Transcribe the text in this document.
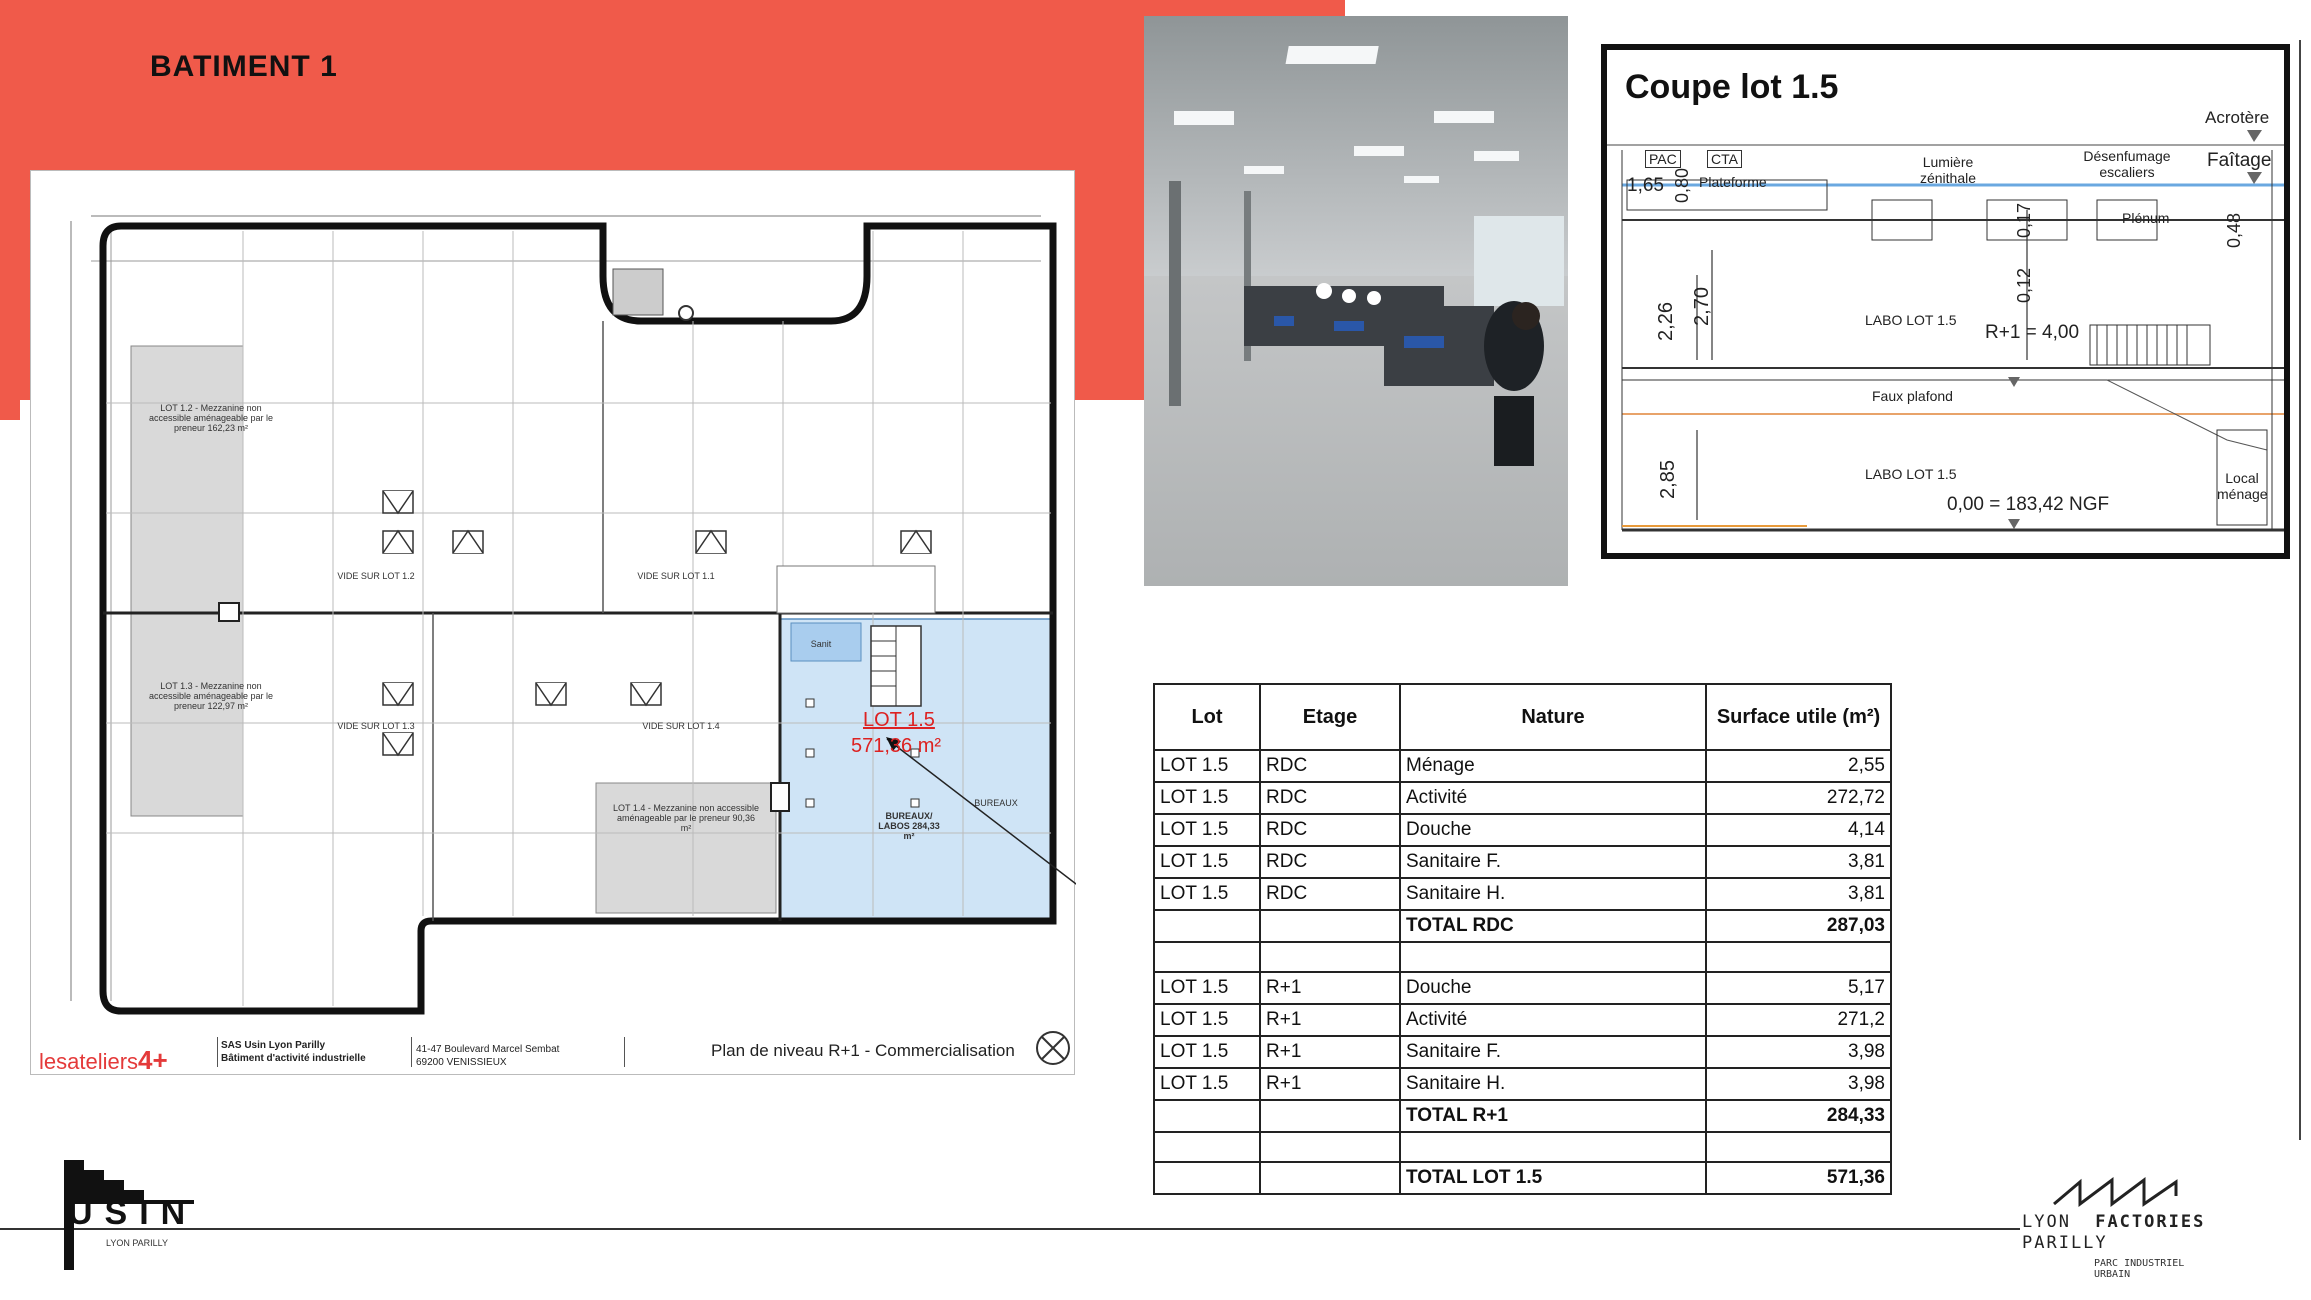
BATIMENT 1
VIDE SUR LOT 1.2	VIDE SUR LOT 1.1
VIDE SUR LOT 1.3	VIDE SUR LOT 1.4
LOT 1.2 - Mezzanine non accessible aménageable par le preneur 162,23 m²
LOT 1.3 - Mezzanine non accessible aménageable par le preneur 122,97 m²
LOT 1.4 - Mezzanine non accessible aménageable par le preneur 90,36 m²
BUREAUX/ LABOS 284,33 m²
BUREAUX
Sanit
LOT 1.5
571,36 m²
lesateliers4+	SAS Usin Lyon Parilly
Bâtiment d'activité industrielle
41-47 Boulevard Marcel Sembat
69200 VENISSIEUX
Plan de niveau R+1 - Commercialisation
Coupe lot 1.5
Acrotère
Faîtage
PAC CTA
Plateforme
Lumière zénithale
Désenfumage escaliers
Plénum
1,65 0,80
0,17	0,48
0,12
2,26 2,70
2,85
LABO LOT 1.5
R+1 = 4,00
Faux plafond
LABO LOT 1.5	Local ménage
0,00 = 183,42 NGF
Lot	Etage	Nature	Surface utile (m²)
LOT 1.5	RDC	Ménage	2,55
LOT 1.5	RDC	Activité	272,72
LOT 1.5	RDC	Douche	4,14
LOT 1.5	RDC	Sanitaire F.	3,81
LOT 1.5	RDC	Sanitaire H.	3,81
		TOTAL RDC	287,03

LOT 1.5	R+1	Douche	5,17
LOT 1.5	R+1	Activité	271,2
LOT 1.5	R+1	Sanitaire F.	3,98
LOT 1.5	R+1	Sanitaire H.	3,98
		TOTAL R+1	284,33

		TOTAL LOT 1.5	571,36
USIN
LYON PARILLY
LYON FACTORIES
PARILLY
PARC INDUSTRIEL URBAIN
